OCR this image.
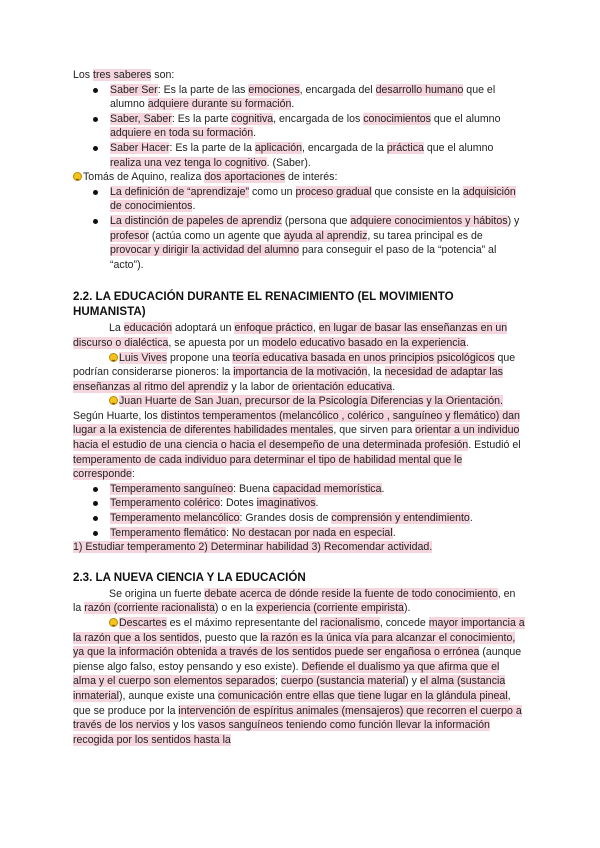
Los tres saberes son:

Saber Ser: Es la parte de las emociones, encargada del desarrollo humano que el alumno adquiere durante su formación.
Saber, Saber: Es la parte cognitiva, encargada de los conocimientos que el alumno adquiere en toda su formación.
Saber Hacer: Es la parte de la aplicación, encargada de la práctica que el alumno realiza una vez tenga lo cognitivo. (Saber).

Tomás de Aquino, realiza dos aportaciones de interés:

La definición de “aprendizaje” como un proceso gradual que consiste en la adquisición de conocimientos.
La distinción de papeles de aprendiz (persona que adquiere conocimientos y hábitos) y profesor (actúa como un agente que ayuda al aprendiz, su tarea principal es de provocar y dirigir la actividad del alumno para conseguir el paso de la “potencia” al “acto”).
2.2. LA EDUCACIÓN DURANTE EL RENACIMIENTO (EL MOVIMIENTO HUMANISTA)

La educación adoptará un enfoque práctico, en lugar de basar las enseñanzas en un discurso o dialéctica, se apuesta por un modelo educativo basado en la experiencia.

Luis Vives propone una teoría educativa basada en unos principios psicológicos que podrían considerarse pioneros: la importancia de la motivación, la necesidad de adaptar las enseñanzas al ritmo del aprendiz y la labor de orientación educativa.

Juan Huarte de San Juan, precursor de la Psicología Diferencias y la Orientación. Según Huarte, los distintos temperamentos (melancólico , colérico , sanguíneo y flemático) dan lugar a la existencia de diferentes habilidades mentales, que sirven para orientar a un individuo hacia el estudio de una ciencia o hacia el desempeño de una determinada profesión. Estudió el temperamento de cada individuo para determinar el tipo de habilidad mental que le corresponde:

Temperamento sanguíneo: Buena capacidad memorística.
Temperamento colérico: Dotes imaginativos.
Temperamento melancólico: Grandes dosis de comprensión y entendimiento.
Temperamento flemático: No destacan por nada en especial.

1) Estudiar temperamento 2) Determinar habilidad 3) Recomendar actividad.

2.3. LA NUEVA CIENCIA Y LA EDUCACIÓN

Se origina un fuerte debate acerca de dónde reside la fuente de todo conocimiento, en la razón (corriente racionalista) o en la experiencia (corriente empirista).

Descartes es el máximo representante del racionalismo, concede mayor importancia a la razón que a los sentidos, puesto que la razón es la única vía para alcanzar el conocimiento, ya que la información obtenida a través de los sentidos puede ser engañosa o errónea (aunque piense algo falso, estoy pensando y eso existe). Defiende el dualismo ya que afirma que el alma y el cuerpo son elementos separados; cuerpo (sustancia material) y el alma (sustancia inmaterial), aunque existe una comunicación entre ellas que tiene lugar en la glándula pineal, que se produce por la intervención de espíritus animales (mensajeros) que recorren el cuerpo a través de los nervios y los vasos sanguíneos teniendo como función llevar la información recogida por los sentidos hasta la
